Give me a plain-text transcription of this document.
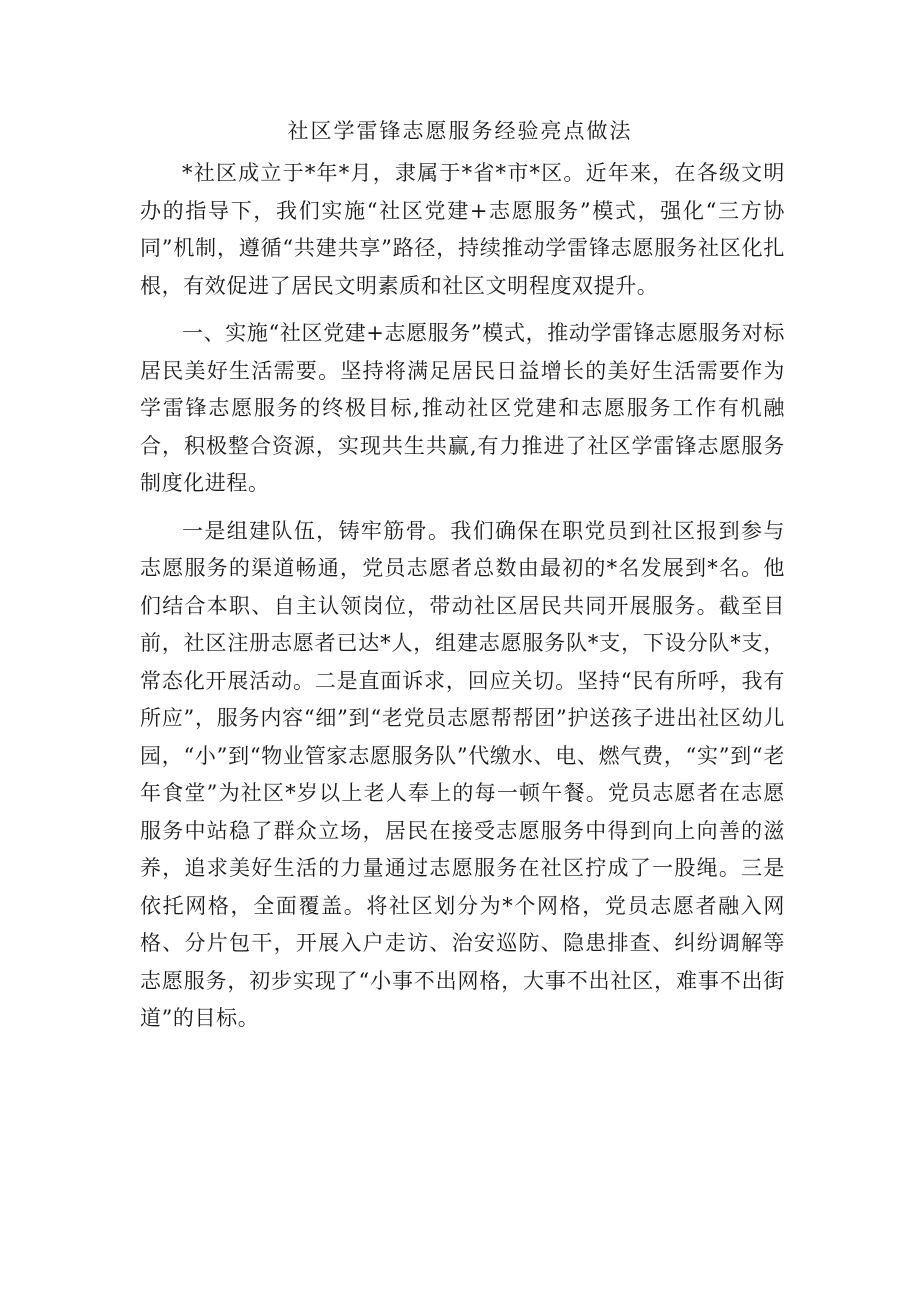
社区学雷锋志愿服务经验亮点做法

*社区成立于*年*月，隶属于*省*市*区。近年来，在各级文明办的指导下，我们实施“社区党建+志愿服务”模式，强化“三方协同”机制，遵循“共建共享”路径，持续推动学雷锋志愿服务社区化扎根，有效促进了居民文明素质和社区文明程度双提升。

一、实施“社区党建+志愿服务”模式，推动学雷锋志愿服务对标居民美好生活需要。坚持将满足居民日益增长的美好生活需要作为学雷锋志愿服务的终极目标,推动社区党建和志愿服务工作有机融合，积极整合资源，实现共生共赢,有力推进了社区学雷锋志愿服务制度化进程。

一是组建队伍，铸牢筋骨。我们确保在职党员到社区报到参与志愿服务的渠道畅通，党员志愿者总数由最初的*名发展到*名。他们结合本职、自主认领岗位，带动社区居民共同开展服务。截至目前，社区注册志愿者已达*人，组建志愿服务队*支，下设分队*支，常态化开展活动。二是直面诉求，回应关切。坚持“民有所呼，我有所应”，服务内容“细”到“老党员志愿帮帮团”护送孩子进出社区幼儿园，“小”到“物业管家志愿服务队”代缴水、电、燃气费，“实”到“老年食堂”为社区*岁以上老人奉上的每一顿午餐。党员志愿者在志愿服务中站稳了群众立场，居民在接受志愿服务中得到向上向善的滋养，追求美好生活的力量通过志愿服务在社区拧成了一股绳。三是依托网格，全面覆盖。将社区划分为*个网格，党员志愿者融入网格、分片包干，开展入户走访、治安巡防、隐患排查、纠纷调解等志愿服务，初步实现了“小事不出网格，大事不出社区，难事不出街道”的目标。
